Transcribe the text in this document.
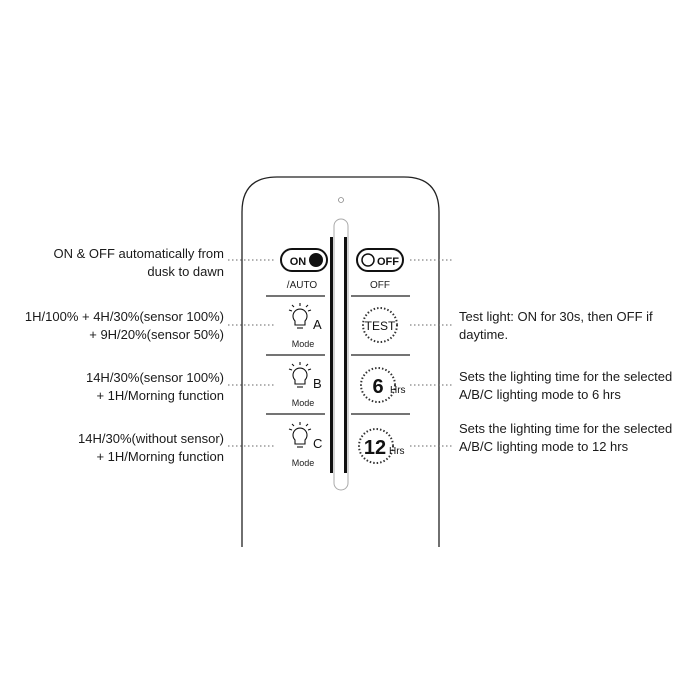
ON
/AUTO
OFF
OFF
A
Mode
TEST
B
Mode
6 Hrs
C
Mode
12 Hrs
ON & OFF automatically from
dusk to dawn
1H/100% + 4H/30%(sensor 100%)
+ 9H/20%(sensor 50%)
14H/30%(sensor 100%)
+ 1H/Morning function
14H/30%(without sensor)
+ 1H/Morning function
Test light: ON for 30s, then OFF if
daytime.
Sets the lighting time for the selected
A/B/C lighting mode to 6 hrs
Sets the lighting time for the selected
A/B/C lighting mode to 12 hrs
